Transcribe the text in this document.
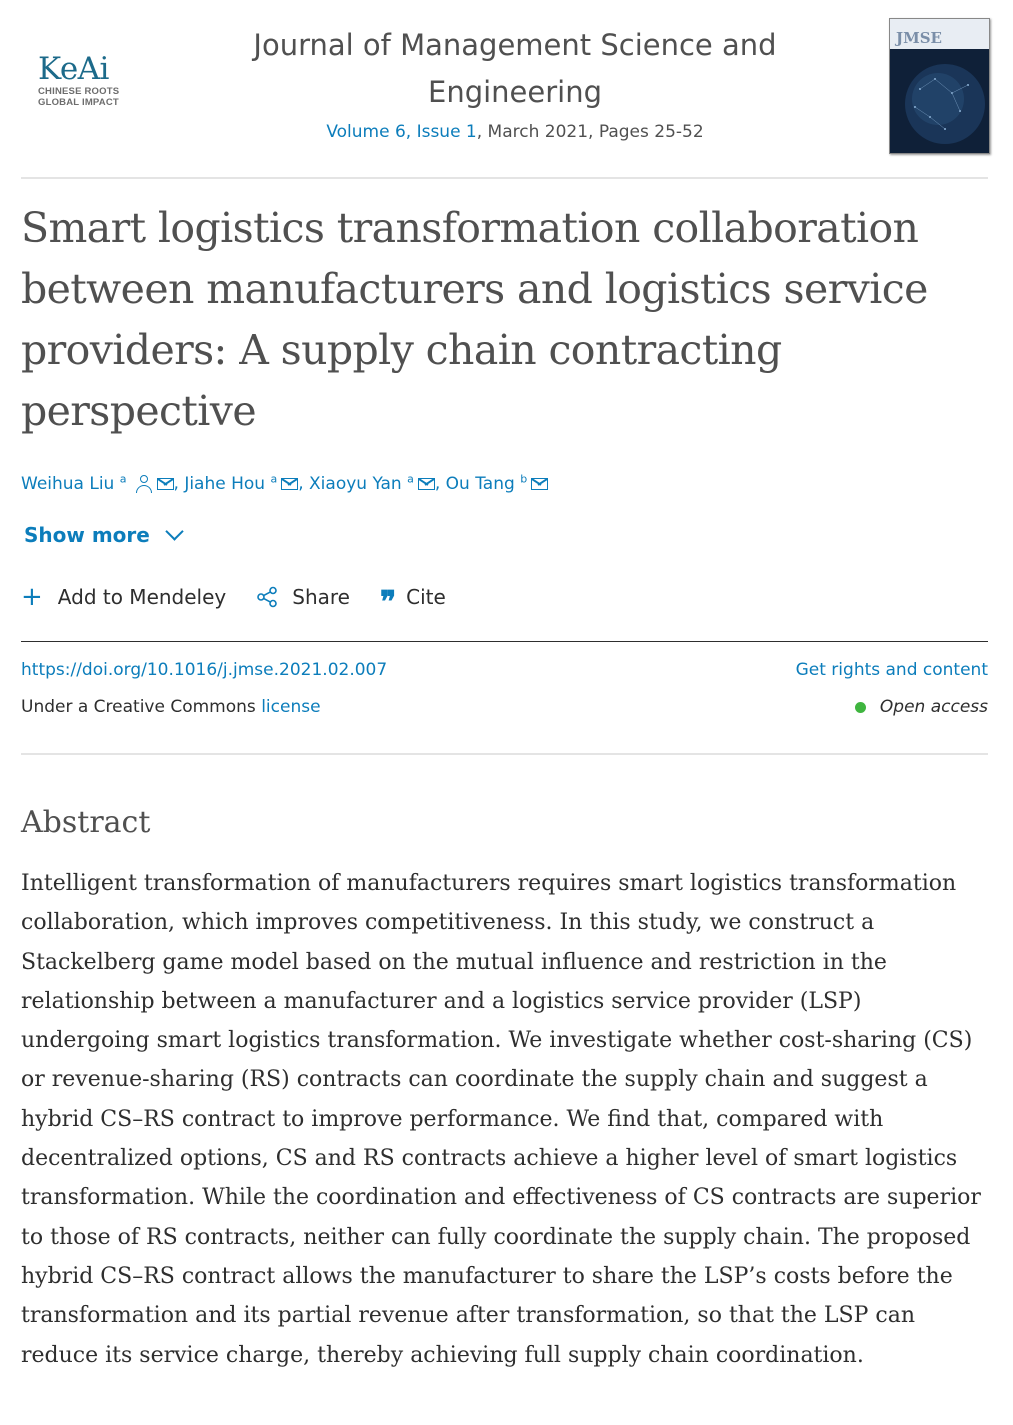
KeAi
CHINESE ROOTS
GLOBAL IMPACT
Journal of Management Science and Engineering
Volume 6, Issue 1, March 2021, Pages 25-52
JMSE
Smart logistics transformation collaboration between manufacturers and logistics service providers: A supply chain contracting perspective
Weihua Liu $^a$	, Jiahe Hou $^a$ , Xiaoyu Yan $^a$ , Ou Tang $^b$
Show more
+ Add to Mendeley	Share ❞ Cite
https://doi.org/10.1016/j.jmse.2021.02.007	Get rights and content
Under a Creative Commons license	Open access
Abstract

Intelligent transformation of manufacturers requires smart logistics transformation collaboration, which improves competitiveness. In this study, we construct a Stackelberg game model based on the mutual influence and restriction in the relationship between a manufacturer and a logistics service provider (LSP) undergoing smart logistics transformation. We investigate whether cost-sharing (CS) or revenue-sharing (RS) contracts can coordinate the supply chain and suggest a hybrid CS–RS contract to improve performance. We find that, compared with decentralized options, CS and RS contracts achieve a higher level of smart logistics transformation. While the coordination and effectiveness of CS contracts are superior to those of RS contracts, neither can fully coordinate the supply chain. The proposed hybrid CS–RS contract allows the manufacturer to share the LSP’s costs before the transformation and its partial revenue after transformation, so that the LSP can reduce its service charge, thereby achieving full supply chain coordination.
